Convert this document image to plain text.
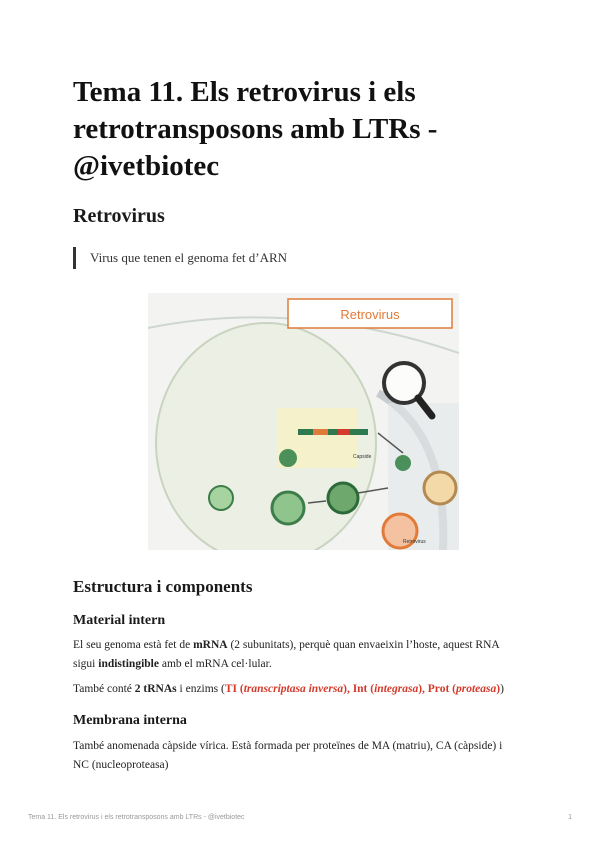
Tema 11. Els retrovirus i els retrotransposons amb LTRs - @ivetbiotec
Retrovirus
Virus que tenen el genoma fet d’ARN
Retrovirus
Retrovirus
Capside
Estructura i components
Material intern

El seu genoma està fet de mRNA (2 subunitats), perquè quan envaeixin l’hoste, aquest RNA
sigui indistingible amb el mRNA cel·lular.

També conté 2 tRNAs i enzims (TI (transcriptasa inversa), Int (integrasa), Prot (proteasa))

Membrana interna

També anomenada càpside vírica. Està formada per proteïnes de MA (matriu), CA (càpside) i
NC (nucleoproteasa)

Tema 11. Els retrovirus i els retrotransposons amb LTRs - @ivetbiotec	1
